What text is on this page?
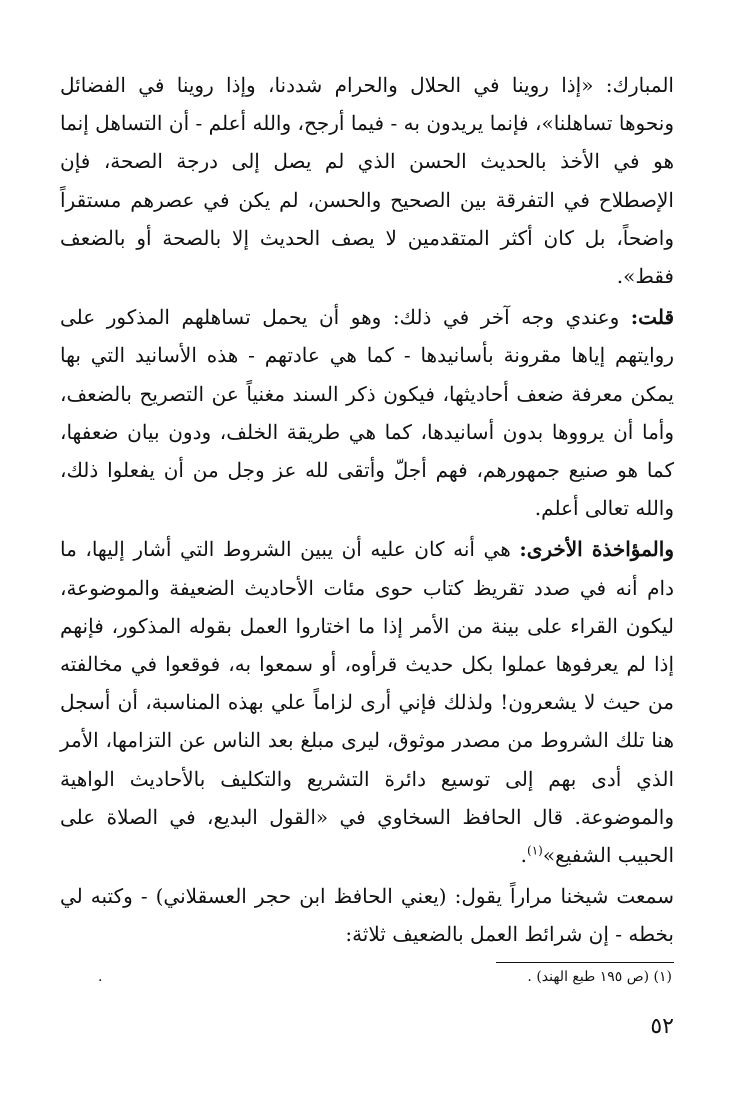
المبارك: «إذا روينا في الحلال والحرام شددنا، وإذا روينا في الفضائل ونحوها تساهلنا»، فإنما يريدون به - فيما أرجح، والله أعلم - أن التساهل إنما هو في الأخذ بالحديث الحسن الذي لم يصل إلى درجة الصحة، فإن الإصطلاح في التفرقة بين الصحيح والحسن، لم يكن في عصرهم مستقراً واضحاً، بل كان أكثر المتقدمين لا يصف الحديث إلا بالصحة أو بالضعف فقط».

قلت: وعندي وجه آخر في ذلك: وهو أن يحمل تساهلهم المذكور على روايتهم إياها مقرونة بأسانيدها - كما هي عادتهم - هذه الأسانيد التي بها يمكن معرفة ضعف أحاديثها، فيكون ذكر السند مغنياً عن التصريح بالضعف، وأما أن يرووها بدون أسانيدها، كما هي طريقة الخلف، ودون بيان ضعفها، كما هو صنيع جمهورهم، فهم أجلّ وأتقى لله عز وجل من أن يفعلوا ذلك، والله تعالى أعلم.

والمؤاخذة الأخرى: هي أنه كان عليه أن يبين الشروط التي أشار إليها، ما دام أنه في صدد تقريظ كتاب حوى مئات الأحاديث الضعيفة والموضوعة، ليكون القراء على بينة من الأمر إذا ما اختاروا العمل بقوله المذكور، فإنهم إذا لم يعرفوها عملوا بكل حديث قرأوه، أو سمعوا به، فوقعوا في مخالفته من حيث لا يشعرون! ولذلك فإني أرى لزاماً علي بهذه المناسبة، أن أسجل هنا تلك الشروط من مصدر موثوق، ليرى مبلغ بعد الناس عن التزامها، الأمر الذي أدى بهم إلى توسيع دائرة التشريع والتكليف بالأحاديث الواهية والموضوعة. قال الحافظ السخاوي في «القول البديع، في الصلاة على الحبيب الشفيع»$^{(١)}$.

سمعت شيخنا مراراً يقول: (يعني الحافظ ابن حجر العسقلاني) - وكتبه لي بخطه - إن شرائط العمل بالضعيف ثلاثة:

(١) (ص ١٩٥ طبع الهند) .
.
٥٢
